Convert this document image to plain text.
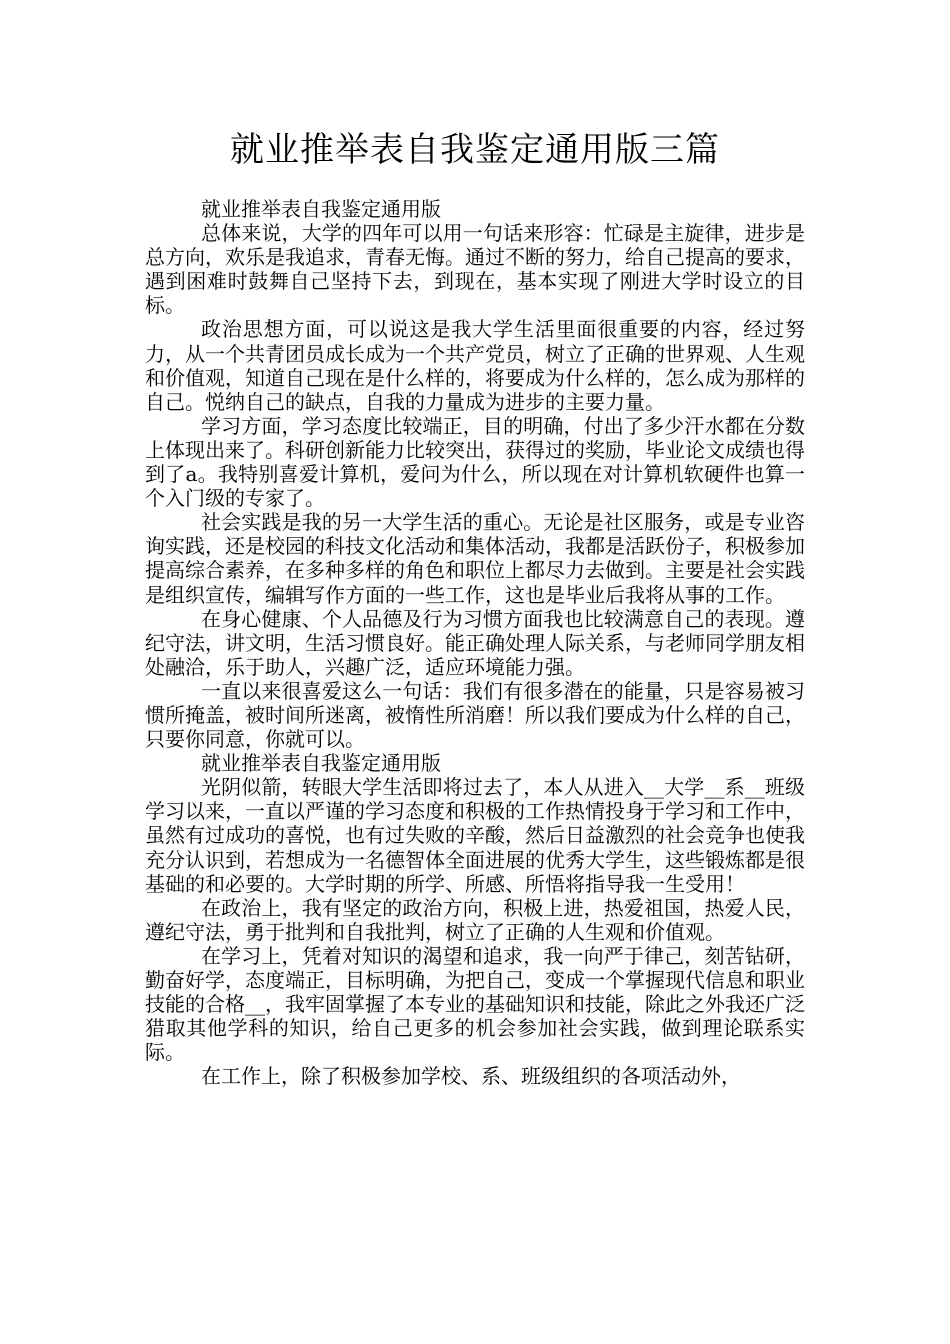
就业推举表自我鉴定通用版三篇

就业推举表自我鉴定通用版

总体来说，大学的四年可以用一句话来形容：忙碌是主旋律，进步是总方向，欢乐是我追求，青春无悔。通过不断的努力，给自己提高的要求，遇到困难时鼓舞自己坚持下去，到现在，基本实现了刚进大学时设立的目标。

政治思想方面，可以说这是我大学生活里面很重要的内容，经过努力，从一个共青团员成长成为一个共产党员，树立了正确的世界观、人生观和价值观，知道自己现在是什么样的，将要成为什么样的，怎么成为那样的自己。悦纳自己的缺点，自我的力量成为进步的主要力量。

学习方面，学习态度比较端正，目的明确，付出了多少汗水都在分数上体现出来了。科研创新能力比较突出，获得过的奖励，毕业论文成绩也得到了a。我特别喜爱计算机，爱问为什么，所以现在对计算机软硬件也算一个入门级的专家了。

社会实践是我的另一大学生活的重心。无论是社区服务，或是专业咨询实践，还是校园的科技文化活动和集体活动，我都是活跃份子，积极参加提高综合素养，在多种多样的角色和职位上都尽力去做到。主要是社会实践是组织宣传，编辑写作方面的一些工作，这也是毕业后我将从事的工作。

在身心健康、个人品德及行为习惯方面我也比较满意自己的表现。遵纪守法，讲文明，生活习惯良好。能正确处理人际关系，与老师同学朋友相处融洽，乐于助人，兴趣广泛，适应环境能力强。

一直以来很喜爱这么一句话：我们有很多潜在的能量，只是容易被习惯所掩盖，被时间所迷离，被惰性所消磨！所以我们要成为什么样的自己，只要你同意，你就可以。

就业推举表自我鉴定通用版

光阴似箭，转眼大学生活即将过去了，本人从进入__大学__系__班级学习以来，一直以严谨的学习态度和积极的工作热情投身于学习和工作中，虽然有过成功的喜悦，也有过失败的辛酸，然后日益激烈的社会竞争也使我充分认识到，若想成为一名德智体全面进展的优秀大学生，这些锻炼都是很基础的和必要的。大学时期的所学、所感、所悟将指导我一生受用！

在政治上，我有坚定的政治方向，积极上进，热爱祖国，热爱人民，遵纪守法，勇于批判和自我批判，树立了正确的人生观和价值观。

在学习上，凭着对知识的渴望和追求，我一向严于律己，刻苦钻研，勤奋好学，态度端正，目标明确，为把自己，变成一个掌握现代信息和职业技能的合格__，我牢固掌握了本专业的基础知识和技能，除此之外我还广泛猎取其他学科的知识，给自己更多的机会参加社会实践，做到理论联系实际。

在工作上，除了积极参加学校、系、班级组织的各项活动外，
